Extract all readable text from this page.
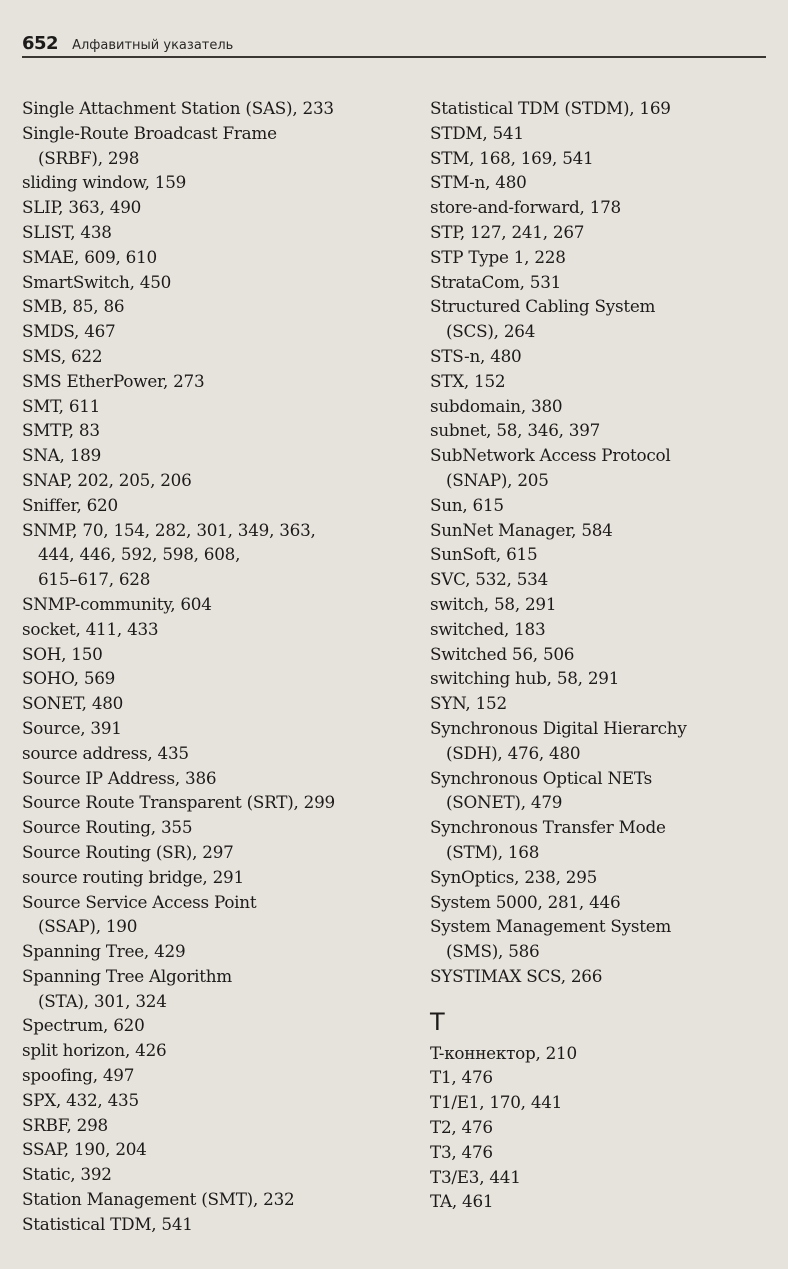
652 Алфавитный указатель
Single Attachment Station (SAS), 233
Single-Route Broadcast Frame
(SRBF), 298
sliding window, 159
SLIP, 363, 490
SLIST, 438
SMAE, 609, 610
SmartSwitch, 450
SMB, 85, 86
SMDS, 467
SMS, 622
SMS EtherPower, 273
SMT, 611
SMTP, 83
SNA, 189
SNAP, 202, 205, 206
Sniffer, 620
SNMP, 70, 154, 282, 301, 349, 363,
444, 446, 592, 598, 608,
615–617, 628
SNMP-community, 604
socket, 411, 433
SOH, 150
SOHO, 569
SONET, 480
Source, 391
source address, 435
Source IP Address, 386
Source Route Transparent (SRT), 299
Source Routing, 355
Source Routing (SR), 297
source routing bridge, 291
Source Service Access Point
(SSAP), 190
Spanning Tree, 429
Spanning Tree Algorithm
(STA), 301, 324
Spectrum, 620
split horizon, 426
spoofing, 497
SPX, 432, 435
SRBF, 298
SSAP, 190, 204
Static, 392
Station Management (SMT), 232
Statistical TDM, 541
Statistical TDM (STDM), 169
STDM, 541
STM, 168, 169, 541
STM-n, 480
store-and-forward, 178
STP, 127, 241, 267
STP Type 1, 228
StrataCom, 531
Structured Cabling System
(SCS), 264
STS-n, 480
STX, 152
subdomain, 380
subnet, 58, 346, 397
SubNetwork Access Protocol
(SNAP), 205
Sun, 615
SunNet Manager, 584
SunSoft, 615
SVC, 532, 534
switch, 58, 291
switched, 183
Switched 56, 506
switching hub, 58, 291
SYN, 152
Synchronous Digital Hierarchy
(SDH), 476, 480
Synchronous Optical NETs
(SONET), 479
Synchronous Transfer Mode
(STM), 168
SynOptics, 238, 295
System 5000, 281, 446
System Management System
(SMS), 586
SYSTIMAX SCS, 266
T
T-коннектор, 210
T1, 476
T1/E1, 170, 441
T2, 476
T3, 476
T3/E3, 441
TA, 461
